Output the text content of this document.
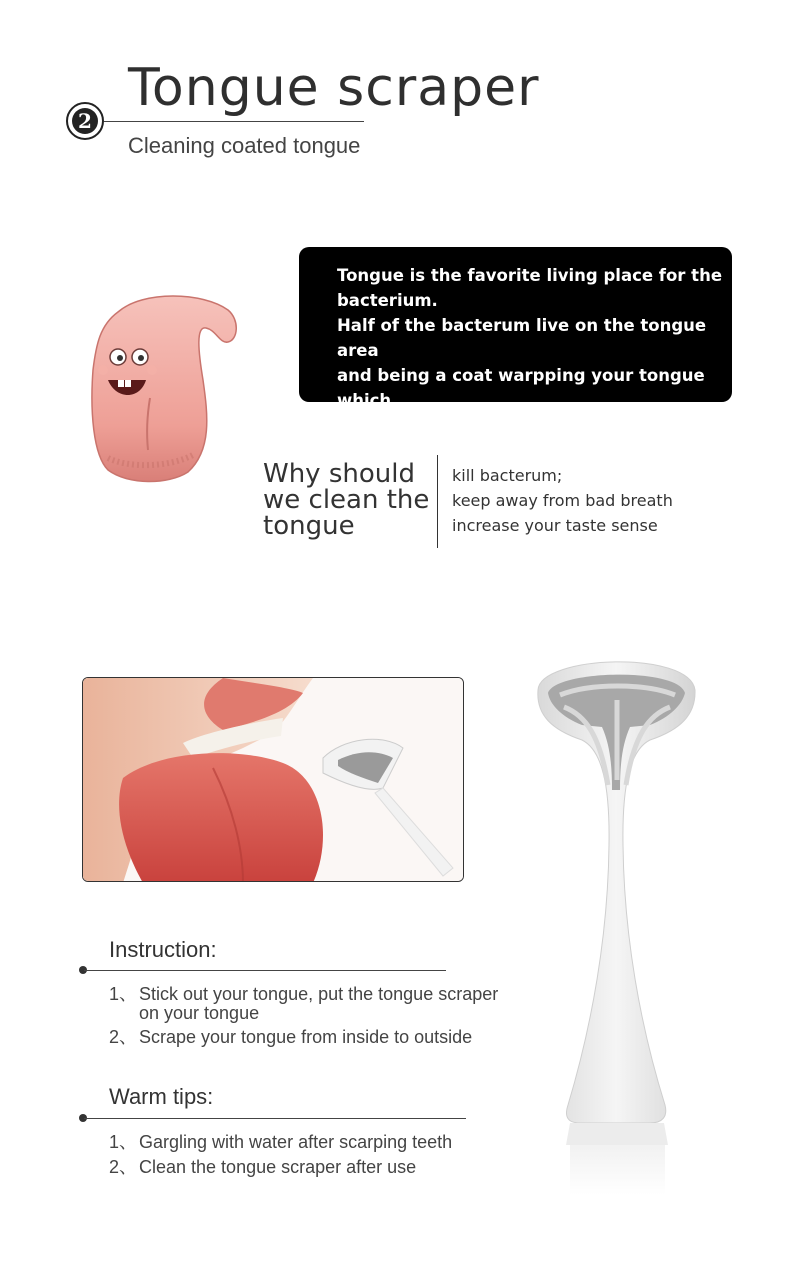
Tongue scraper
2
Cleaning coated tongue

Tongue is the favorite living place for the

bacterium.

Half of the bacterum live on the tongue area

and being a coat warpping your tongue which

cause oral problems

Why should
we clean the
tongue
kill bacterum;
keep away from bad breath
increase your taste sense
Instruction:
1、 Stick out your tongue, put the tongue scraper
on your tongue
2、 Scrape your tongue from inside to outside
Warm tips:
1、 Gargling with water after scarping teeth
2、 Clean the tongue scraper after use
